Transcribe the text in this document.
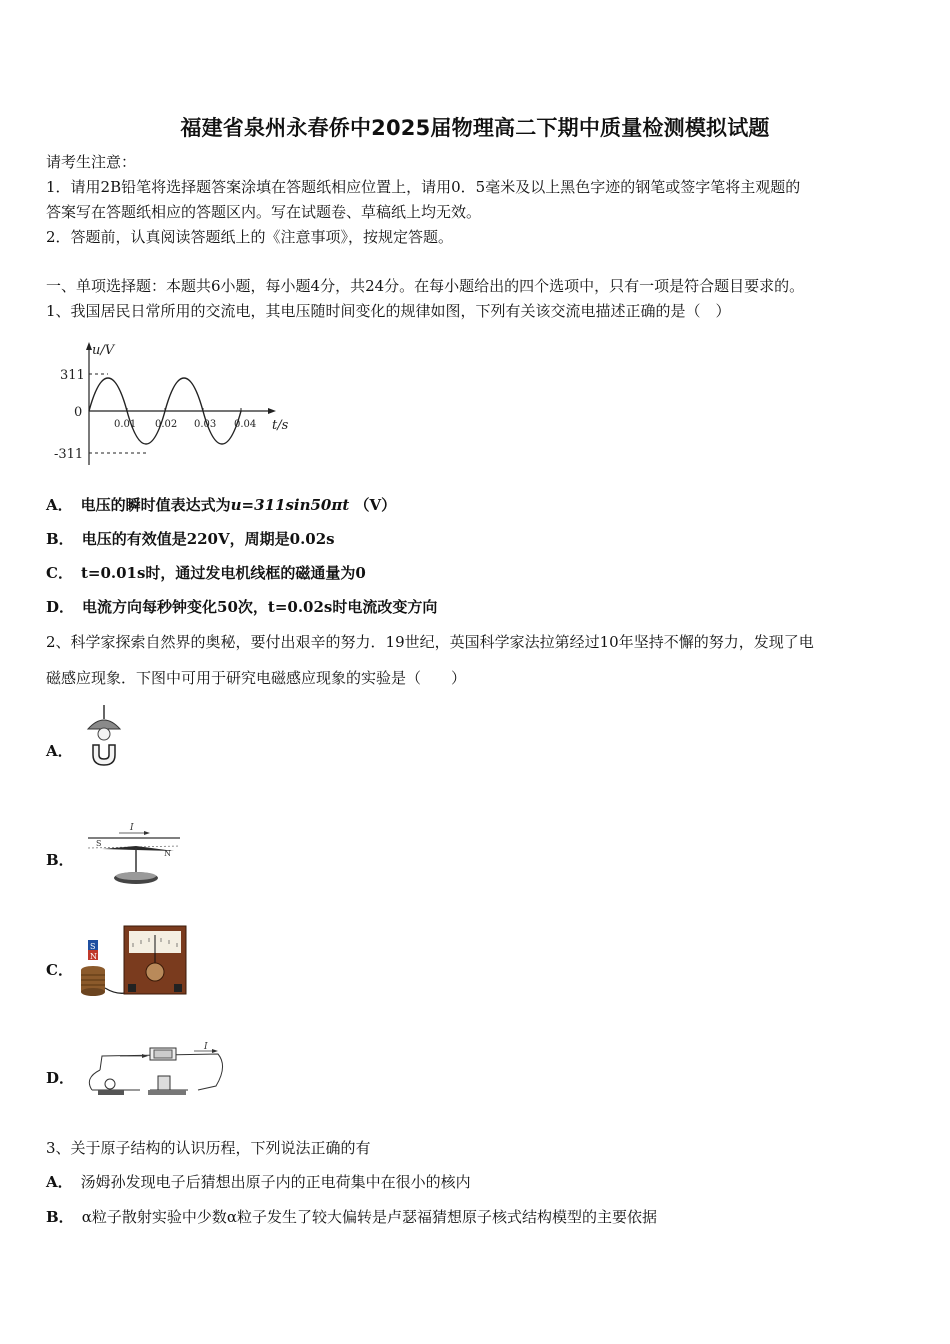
福建省泉州永春侨中2025届物理高二下期中质量检测模拟试题
请考生注意：
1．请用2B铅笔将选择题答案涂填在答题纸相应位置上，请用0．5毫米及以上黑色字迹的钢笔或签字笔将主观题的
答案写在答题纸相应的答题区内。写在试题卷、草稿纸上均无效。
2．答题前，认真阅读答题纸上的《注意事项》，按规定答题。
一、单项选择题：本题共6小题，每小题4分，共24分。在每小题给出的四个选项中，只有一项是符合题目要求的。
1、我国居民日常所用的交流电，其电压随时间变化的规律如图，下列有关该交流电描述正确的是（　）
u/V
311
0
-311
0.01 0.02 0.03 0.04 t/s
A． 电压的瞬时值表达式为u=311sin50πt （V）
B． 电压的有效值是220V，周期是0.02s
C． t=0.01s时，通过发电机线框的磁通量为0
D． 电流方向每秒钟变化50次，t=0.02s时电流改变方向
2、科学家探索自然界的奥秘，要付出艰辛的努力．19世纪，英国科学家法拉第经过10年坚持不懈的努力，发现了电
磁感应现象．下图中可用于研究电磁感应现象的实验是（　　）
A．
B．
I
S
N
C．
S
N
D．
I
3、关于原子结构的认识历程，下列说法正确的有
A． 汤姆孙发现电子后猜想出原子内的正电荷集中在很小的核内
B． α粒子散射实验中少数α粒子发生了较大偏转是卢瑟福猜想原子核式结构模型的主要依据
